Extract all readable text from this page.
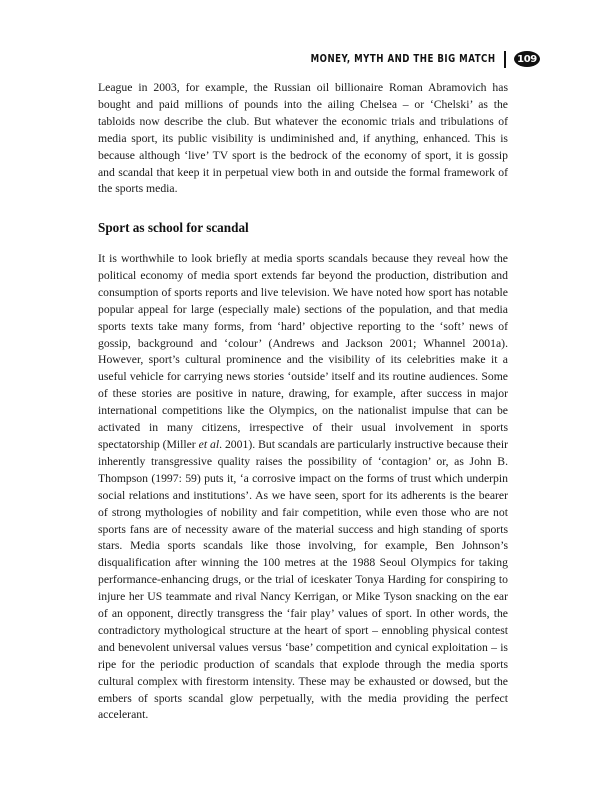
MONEY, MYTH AND THE BIG MATCH	109

League in 2003, for example, the Russian oil billionaire Roman Abramovich has bought and paid millions of pounds into the ailing Chelsea – or ‘Chelski’ as the tabloids now describe the club. But whatever the economic trials and tribulations of media sport, its public visibility is undiminished and, if anything, enhanced. This is because although ‘live’ TV sport is the bedrock of the economy of sport, it is gossip and scandal that keep it in perpetual view both in and outside the formal framework of the sports media.

Sport as school for scandal

It is worthwhile to look briefly at media sports scandals because they reveal how the political economy of media sport extends far beyond the production, distribution and consumption of sports reports and live television. We have noted how sport has notable popular appeal for large (especially male) sections of the population, and that media sports texts take many forms, from ‘hard’ objective reporting to the ‘soft’ news of gossip, background and ‘colour’ (Andrews and Jackson 2001; Whannel 2001a). However, sport’s cultural prominence and the visibility of its celebrities make it a useful vehicle for carrying news stories ‘outside’ itself and its routine audiences. Some of these stories are positive in nature, drawing, for example, after success in major international competitions like the Olympics, on the nationalist impulse that can be activated in many citizens, irrespective of their usual involvement in sports spectatorship (Miller et al. 2001). But scandals are particularly instructive because their inherently transgressive quality raises the possibility of ‘contagion’ or, as John B. Thompson (1997: 59) puts it, ‘a corrosive impact on the forms of trust which underpin social relations and institutions’. As we have seen, sport for its adherents is the bearer of strong mythologies of nobility and fair competition, while even those who are not sports fans are of necessity aware of the material success and high standing of sports stars. Media sports scandals like those involving, for example, Ben Johnson’s disqualification after winning the 100 metres at the 1988 Seoul Olympics for taking performance-enhancing drugs, or the trial of iceskater Tonya Harding for conspiring to injure her US teammate and rival Nancy Kerrigan, or Mike Tyson snacking on the ear of an opponent, directly transgress the ‘fair play’ values of sport. In other words, the contradictory mythological structure at the heart of sport – ennobling physical contest and benevolent universal values versus ‘base’ competition and cynical exploitation – is ripe for the periodic production of scandals that explode through the media sports cultural complex with firestorm intensity. These may be exhausted or dowsed, but the embers of sports scandal glow perpetually, with the media providing the perfect accelerant.
